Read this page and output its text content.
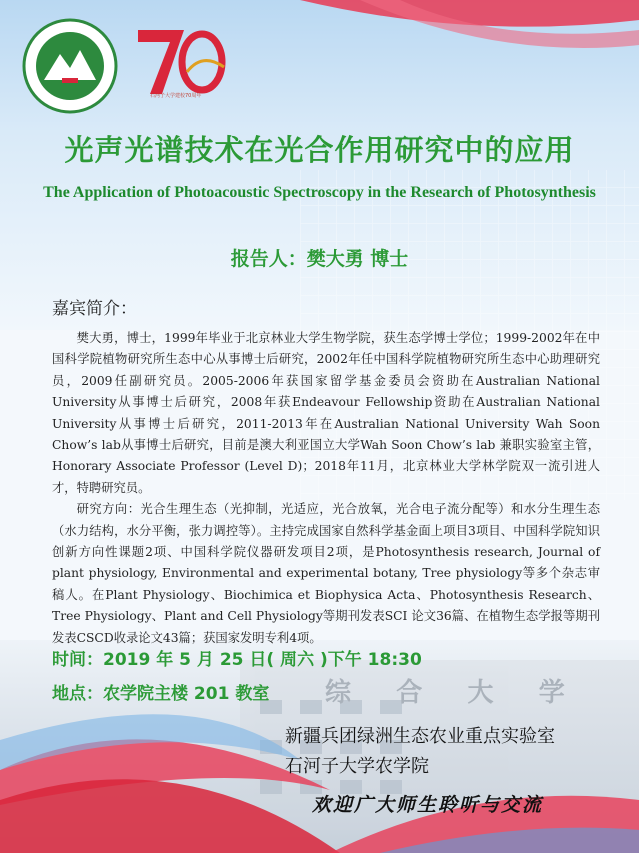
综     合     大     学
石河子大学建校70周年
光声光谱技术在光合作用研究中的应用
The Application of Photoacoustic Spectroscopy in the Research of Photosynthesis
报告人：樊大勇 博士
嘉宾简介：

樊大勇，博士，1999年毕业于北京林业大学生物学院，获生态学博士学位；1999-2002年在中国科学院植物研究所生态中心从事博士后研究，2002年任中国科学院植物研究所生态中心助理研究员，2009任副研究员。2005-2006年获国家留学基金委员会资助在Australian National University从事博士后研究，2008年获Endeavour Fellowship资助在Australian National University从事博士后研究，2011-2013年在Australian National University Wah Soon Chow’s lab从事博士后研究，目前是澳大利亚国立大学Wah Soon Chow’s lab 兼职实验室主管，Honorary Associate Professor (Level D)；2018年11月，北京林业大学林学院双一流引进人才，特聘研究员。

研究方向：光合生理生态（光抑制，光适应，光合放氧，光合电子流分配等）和水分生理生态（水力结构，水分平衡，张力调控等）。主持完成国家自然科学基金面上项目3项目、中国科学院知识创新方向性课题2项、中国科学院仪器研发项目2项，是Photosynthesis research, Journal of plant physiology, Environmental and experimental botany, Tree physiology等多个杂志审稿人。在Plant Physiology、Biochimica et Biophysica Acta、Photosynthesis Research、Tree Physiology、Plant and Cell Physiology等期刊发表SCI 论文36篇、在植物生态学报等期刊发表CSCD收录论文43篇；获国家发明专利4项。

时间：2019 年 5 月 25 日( 周六 )下午 18:30
地点：农学院主楼 201 教室
新疆兵团绿洲生态农业重点实验室
石河子大学农学院
欢迎广大师生聆听与交流
